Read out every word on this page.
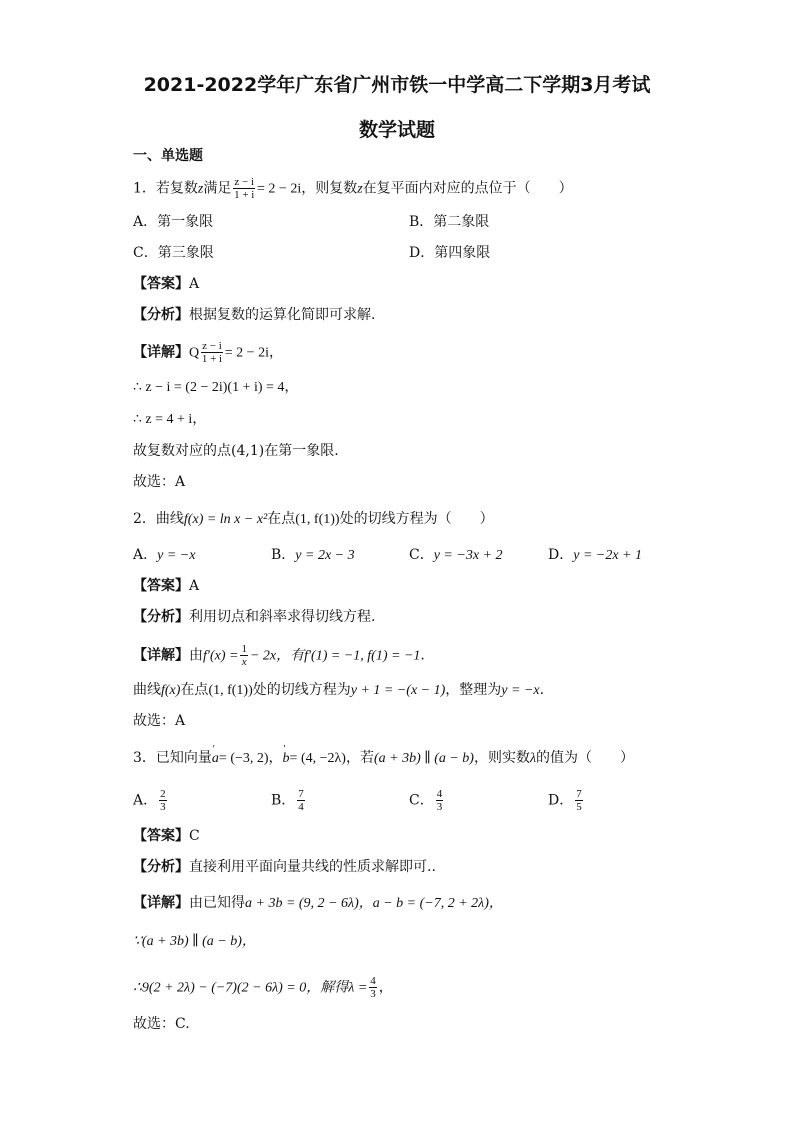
2021-2022学年广东省广州市铁一中学高二下学期3月考试
数学试题
一、单选题
1．若复数z满足 $\frac{z - i}{1 + i} = 2 - 2i$，则复数z在复平面内对应的点位于（　　）
A．第一象限	B．第二象限
C．第三象限	D．第四象限
【答案】A
【分析】根据复数的运算化简即可求解.
【详解】Q $\frac{z - i}{1 + i} = 2 - 2i$，
∴ z − i = (2 − 2i)(1 + i) = 4，
∴ z = 4 + i，
故复数对应的点(4,1)在第一象限.
故选：A
2．曲线f(x) = ln x − x²在点(1, f(1))处的切线方程为（　　）
A．y = −x	B．y = 2x − 3	C．y = −3x + 2	D．y = −2x + 1
【答案】A
【分析】利用切点和斜率求得切线方程.
【详解】由$f'(x) = \frac{1}{x} - 2x$，有f′(1) = −1, f(1) = −1.
曲线f(x)在点(1, f(1))处的切线方程为y + 1 = −(x − 1)，整理为y = −x.
故选：A
3．已知向量' a= (−3, 2)，' b= (4, −2λ)，若(a + 3b) ∥ (a − b)，则实数λ的值为（　　）
A． $\frac{2}{3}$	B． $\frac{7}{4}$	C． $\frac{4}{3}$	D． $\frac{7}{5}$
【答案】C
【分析】直接利用平面向量共线的性质求解即可..
【详解】由已知得a + 3b = (9, 2 − 6λ)，a − b = (−7, 2 + 2λ)，
∵(a + 3b) ∥ (a − b)，
∴9(2 + 2λ) − (−7)(2 − 6λ) = 0，解得$\lambda = \frac{4}{3}$ ，
故选：C.
